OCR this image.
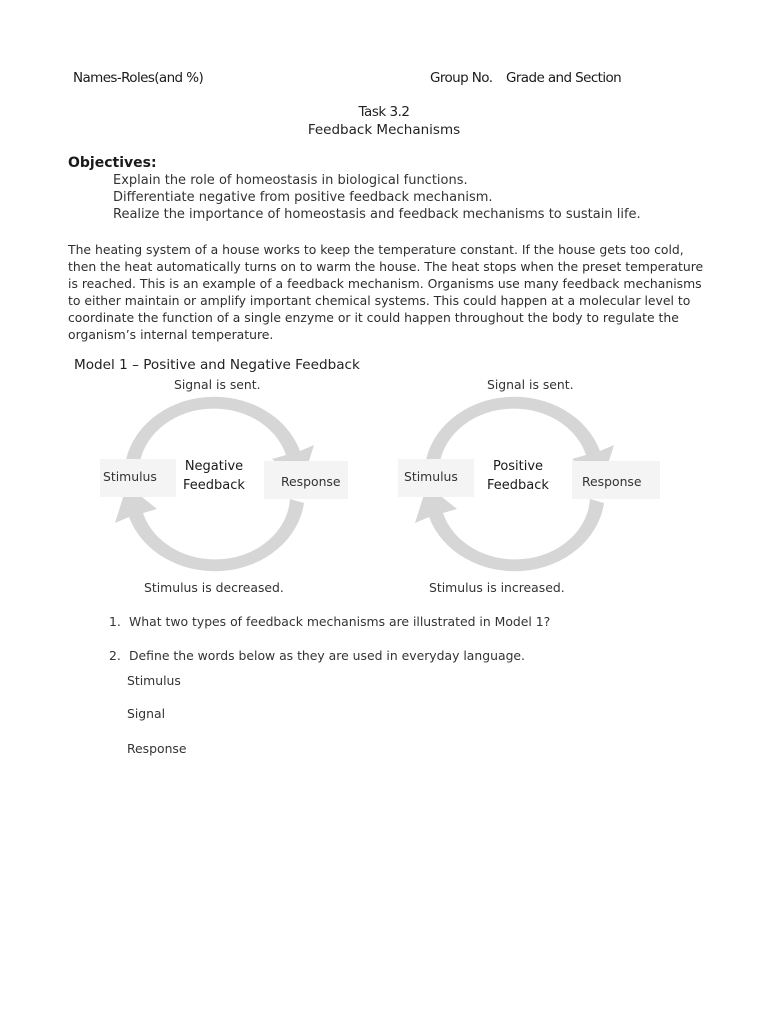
Names-Roles(and %)	Group No. Grade and Section
Task 3.2
Feedback Mechanisms
Objectives:
Explain the role of homeostasis in biological functions.
Differentiate negative from positive feedback mechanism.
Realize the importance of homeostasis and feedback mechanisms to sustain life.
The heating system of a house works to keep the temperature constant. If the house gets too cold,
then the heat automatically turns on to warm the house. The heat stops when the preset temperature
is reached. This is an example of a feedback mechanism. Organisms use many feedback mechanisms
to either maintain or amplify important chemical systems. This could happen at a molecular level to
coordinate the function of a single enzyme or it could happen throughout the body to regulate the
organism’s internal temperature.
Model 1 – Positive and Negative Feedback
Signal is sent.
Stimulus	Response
Negative
Feedback
Stimulus is decreased.
Signal is sent.
Stimulus	Response
Positive
Feedback
Stimulus is increased.
1. What two types of feedback mechanisms are illustrated in Model 1?
2. Define the words below as they are used in everyday language.
Stimulus
Signal
Response
